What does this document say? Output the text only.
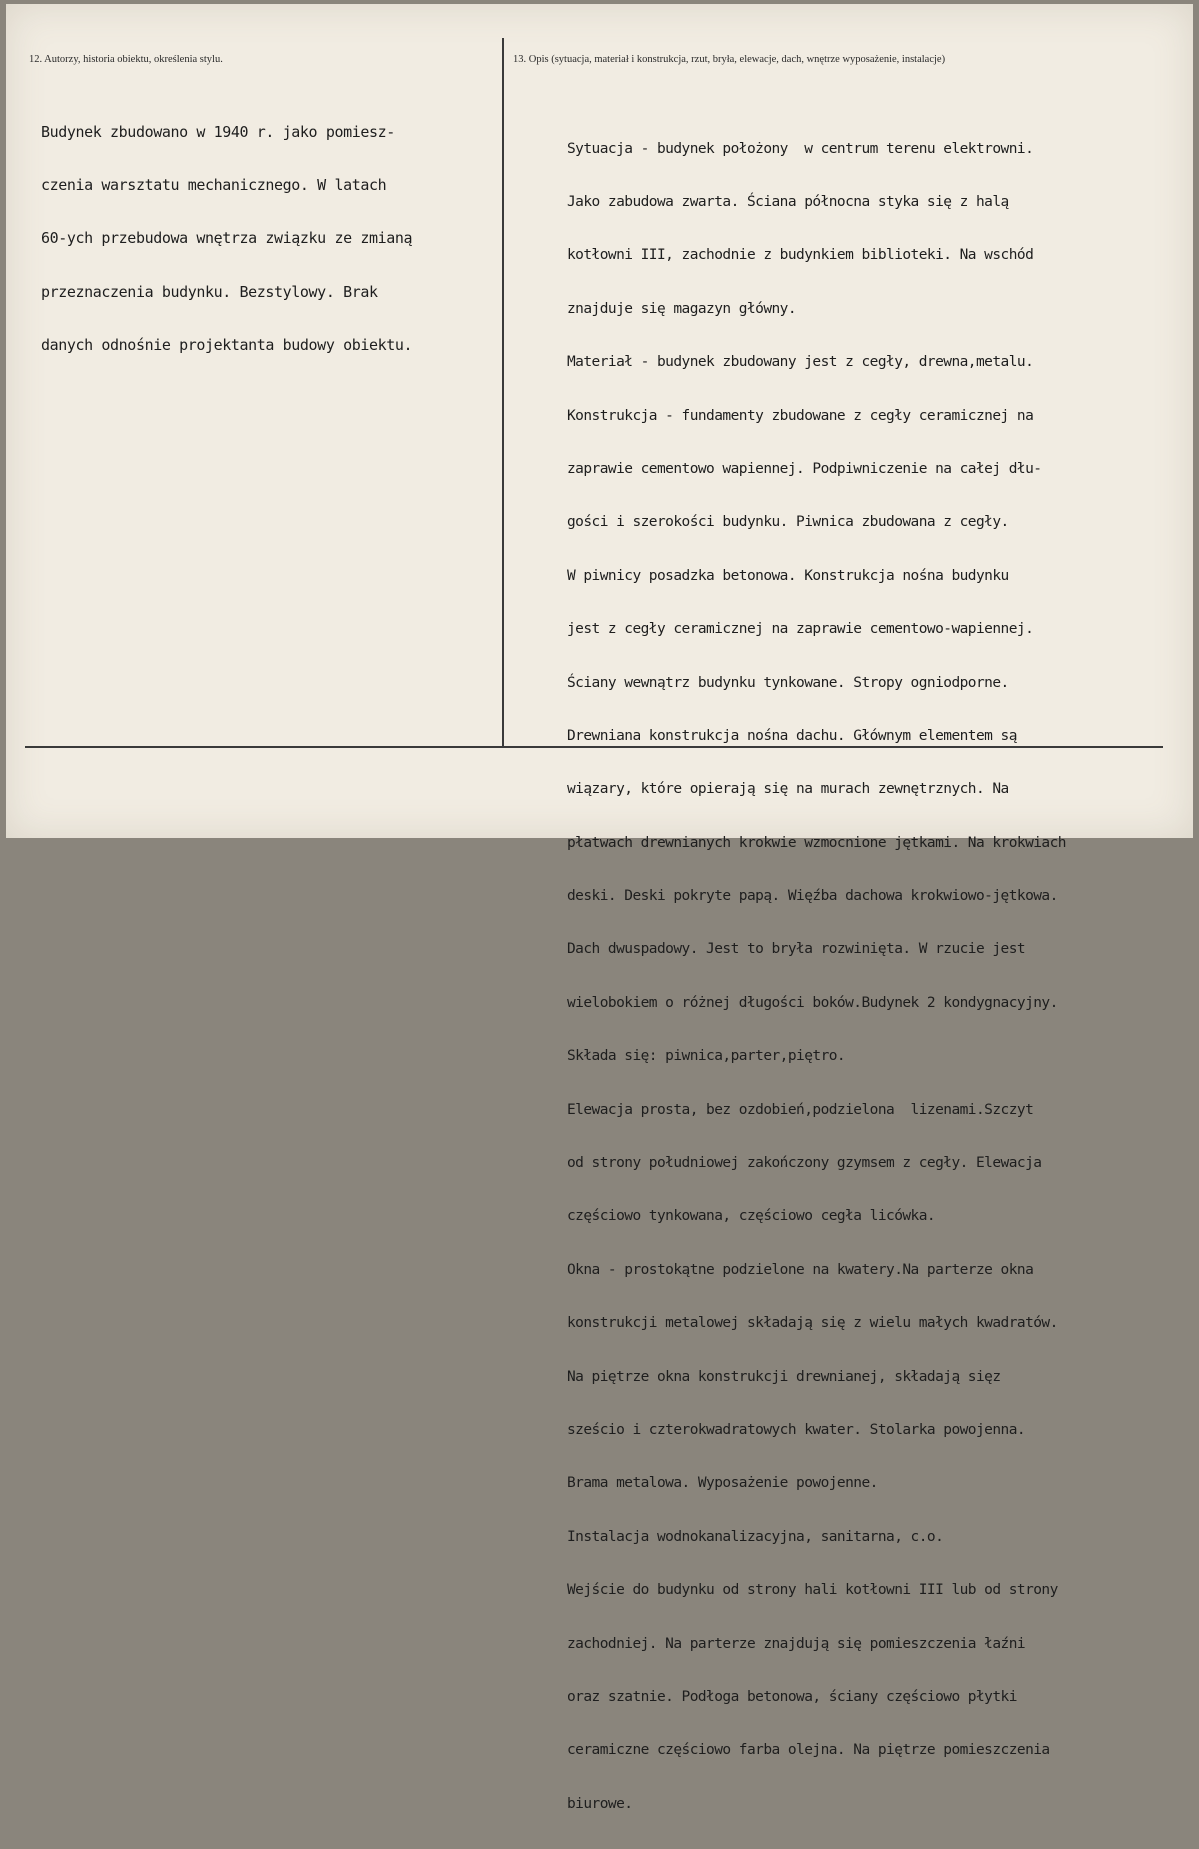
12. Autorzy, historia obiektu, określenia stylu.	13. Opis (sytuacja, materiał i konstrukcja, rzut, bryła, elewacje, dach, wnętrze wyposażenie, instalacje)

Budynek zbudowano w 1940 r. jako pomiesz-

czenia warsztatu mechanicznego. W latach

60-ych przebudowa wnętrza związku ze zmianą

przeznaczenia budynku. Bezstylowy. Brak

danych odnośnie projektanta budowy obiektu.

Sytuacja - budynek położony  w centrum terenu elektrowni.

Jako zabudowa zwarta. Ściana północna styka się z halą

kotłowni III, zachodnie z budynkiem biblioteki. Na wschód

znajduje się magazyn główny.

Materiał - budynek zbudowany jest z cegły, drewna,metalu.

Konstrukcja - fundamenty zbudowane z cegły ceramicznej na

zaprawie cementowo wapiennej. Podpiwniczenie na całej dłu-

gości i szerokości budynku. Piwnica zbudowana z cegły.

W piwnicy posadzka betonowa. Konstrukcja nośna budynku

jest z cegły ceramicznej na zaprawie cementowo-wapiennej.

Ściany wewnątrz budynku tynkowane. Stropy ogniodporne.

Drewniana konstrukcja nośna dachu. Głównym elementem są

wiązary, które opierają się na murach zewnętrznych. Na

płatwach drewnianych krokwie wzmocnione jętkami. Na krokwiach

deski. Deski pokryte papą. Więźba dachowa krokwiowo-jętkowa.

Dach dwuspadowy. Jest to bryła rozwinięta. W rzucie jest

wielobokiem o różnej długości boków.Budynek 2 kondygnacyjny.

Składa się: piwnica,parter,piętro.

Elewacja prosta, bez ozdobień,podzielona  lizenami.Szczyt

od strony południowej zakończony gzymsem z cegły. Elewacja

częściowo tynkowana, częściowo cegła licówka.

Okna - prostokątne podzielone na kwatery.Na parterze okna

konstrukcji metalowej składają się z wielu małych kwadratów.

Na piętrze okna konstrukcji drewnianej, składają sięz

sześcio i czterokwadratowych kwater. Stolarka powojenna.

Brama metalowa. Wyposażenie powojenne.

Instalacja wodnokanalizacyjna, sanitarna, c.o.

Wejście do budynku od strony hali kotłowni III lub od strony

zachodniej. Na parterze znajdują się pomieszczenia łaźni

oraz szatnie. Podłoga betonowa, ściany częściowo płytki

ceramiczne częściowo farba olejna. Na piętrze pomieszczenia

biurowe.
